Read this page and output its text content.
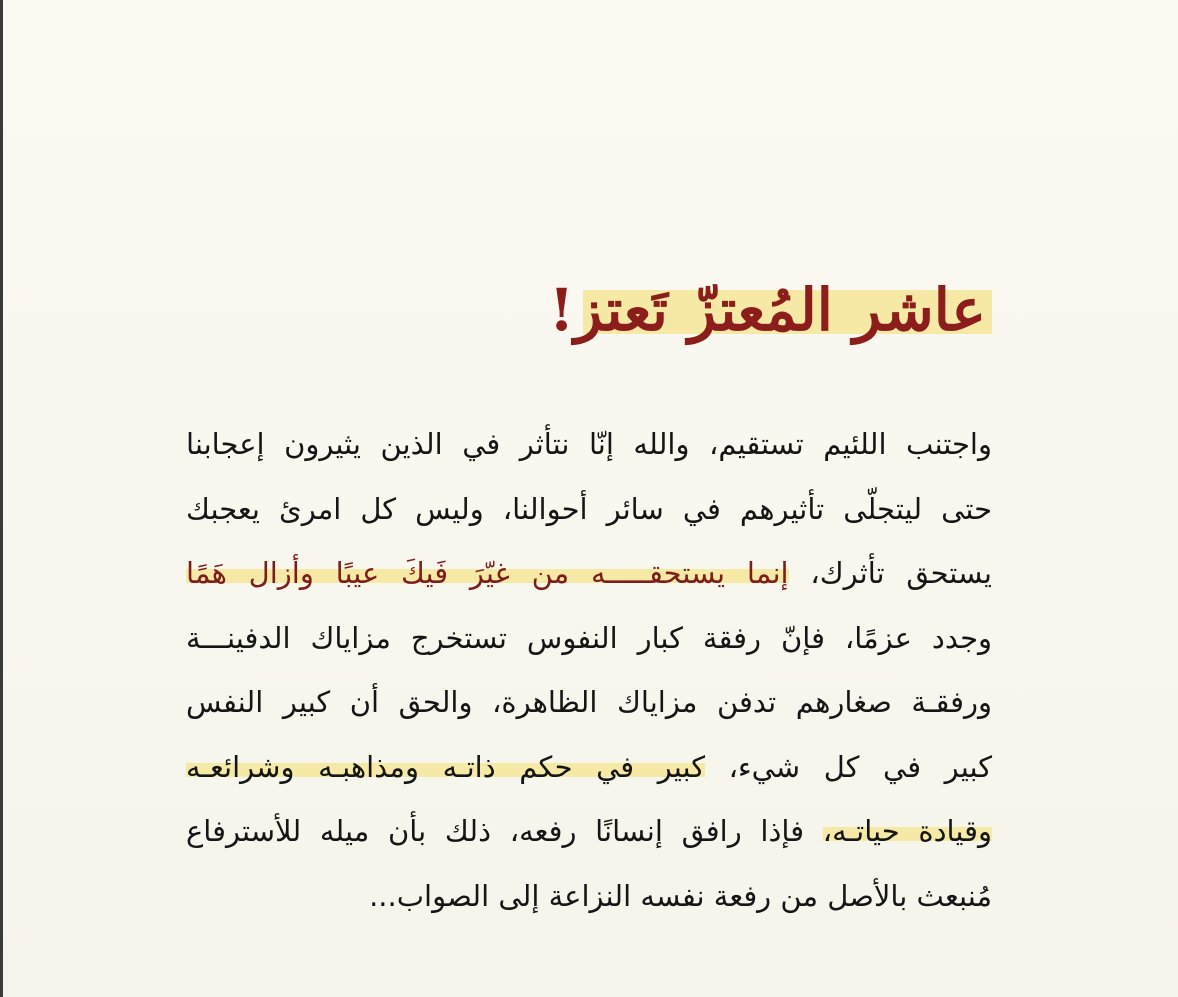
عاشر المُعتزّ تَعتز!
واجتنب اللئيم تستقيم، والله إنّا نتأثر في الذين يثيرون إعجابنا
حتى ليتجلّى تأثيرهم في سائر أحوالنا، وليس كل امرئ يعجبك
يستحق تأثرك، إنما يستحقـــــه من غيّرَ فَيكَ عيبًا وأزال هَمًا
وجدد عزمًا، فإنّ رفقة كبار النفوس تستخرج مزاياك الدفينـــة
ورفقـة صغارهم تدفن مزاياك الظاهرة، والحق أن كبير النفس
كبير في كل شيء، كبير في حكم ذاتـه ومذاهبـه وشرائعـه
وقيادة حياتـه، فإذا رافق إنسانًا رفعه، ذلك بأن ميله للأسترفاع
مُنبعث بالأصل من رفعة نفسه النزاعة إلى الصواب...
